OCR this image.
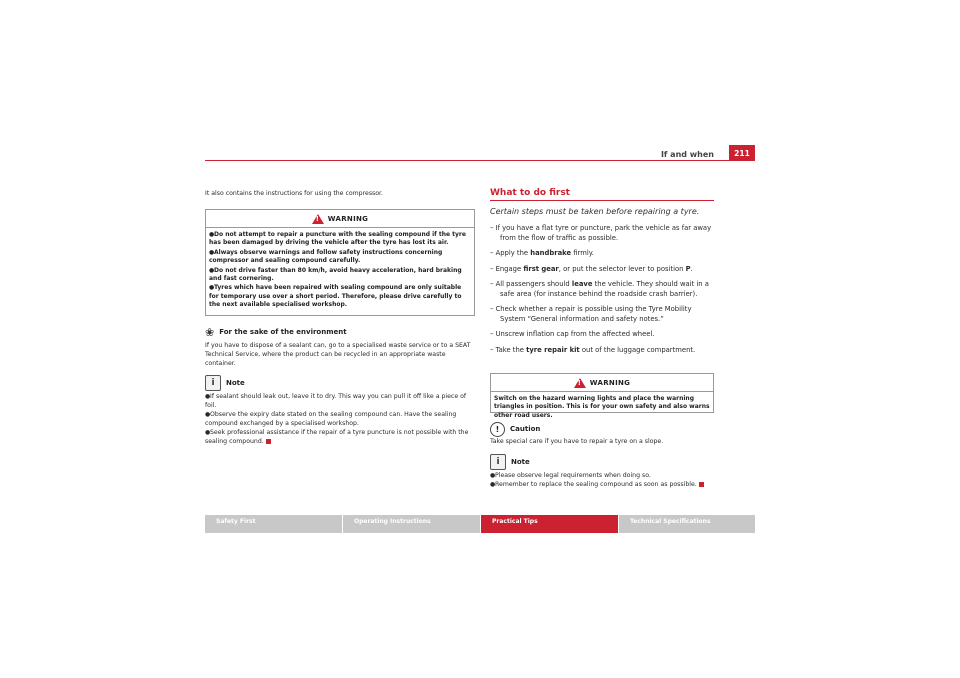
If and when	211

It also contains the instructions for using the compressor.

!
WARNING
●Do not attempt to repair a puncture with the sealing compound if the tyre has been damaged by driving the vehicle after the tyre has lost its air.
●Always observe warnings and follow safety instructions concerning compressor and sealing compound carefully.
●Do not drive faster than 80 km/h, avoid heavy acceleration, hard braking and fast cornering.
●Tyres which have been repaired with sealing compound are only suitable for temporary use over a short period. Therefore, please drive carefully to the next available specialised workshop.
❀ For the sake of the environment
If you have to dispose of a sealant can, go to a specialised waste service or to a SEAT Technical Service, where the product can be recycled in an appropriate waste container.
i	Note

●If sealant should leak out, leave it to dry. This way you can pull it off like a piece of foil.

●Observe the expiry date stated on the sealing compound can. Have the sealing compound exchanged by a specialised workshop.

●Seek professional assistance if the repair of a tyre puncture is not possible with the sealing compound.

What to do first
Certain steps must be taken before repairing a tyre.
– If you have a flat tyre or puncture, park the vehicle as far away from the flow of traffic as possible.
– Apply the handbrake firmly.
– Engage first gear, or put the selector lever to position P.
– All passengers should leave the vehicle. They should wait in a safe area (for instance behind the roadside crash barrier).
– Check whether a repair is possible using the Tyre Mobility System “General information and safety notes.”
– Unscrew inflation cap from the affected wheel.
– Take the tyre repair kit out of the luggage compartment.
!
WARNING
Switch on the hazard warning lights and place the warning triangles in position. This is for your own safety and also warns other road users.
!	Caution
Take special care if you have to repair a tyre on a slope.
i	Note

●Please observe legal requirements when doing so.

●Remember to replace the sealing compound as soon as possible.

Safety First	Operating Instructions	Practical Tips	Technical Specifications
